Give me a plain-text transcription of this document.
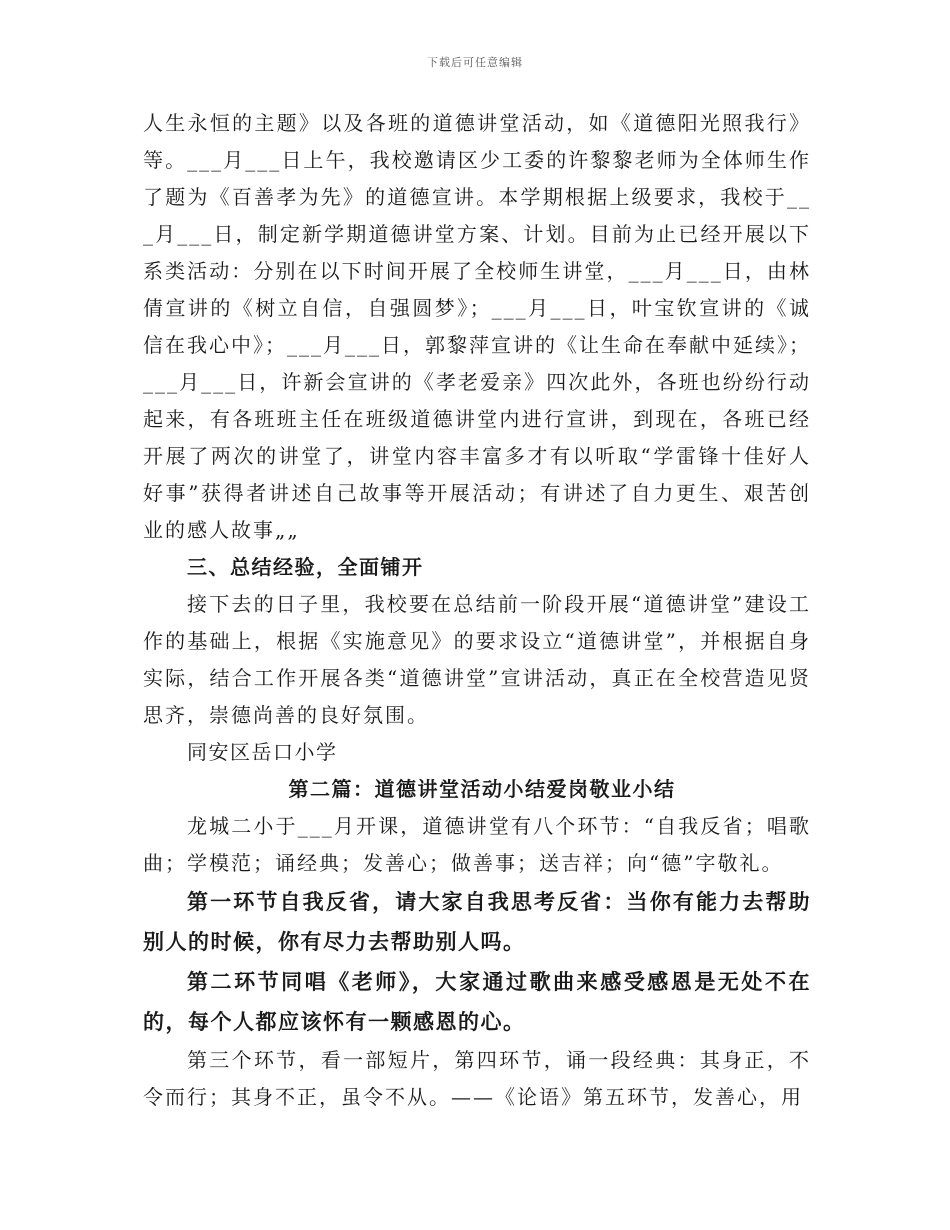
下载后可任意编辑

人生永恒的主题》以及各班的道德讲堂活动，如《道德阳光照我行》等。___月___日上午，我校邀请区少工委的许黎黎老师为全体师生作了题为《百善孝为先》的道德宣讲。本学期根据上级要求，我校于___月___日，制定新学期道德讲堂方案、计划。目前为止已经开展以下系类活动：分别在以下时间开展了全校师生讲堂，___月___日，由林倩宣讲的《树立自信，自强圆梦》；___月___日，叶宝钦宣讲的《诚信在我心中》；___月___日，郭黎萍宣讲的《让生命在奉献中延续》；___月___日，许新会宣讲的《孝老爱亲》四次此外，各班也纷纷行动起来，有各班班主任在班级道德讲堂内进行宣讲，到现在，各班已经开展了两次的讲堂了，讲堂内容丰富多才有以听取“学雷锋十佳好人好事”获得者讲述自己故事等开展活动；有讲述了自力更生、艰苦创业的感人故事„„

三、总结经验，全面铺开

接下去的日子里，我校要在总结前一阶段开展“道德讲堂”建设工作的基础上，根据《实施意见》的要求设立“道德讲堂”，并根据自身实际，结合工作开展各类“道德讲堂”宣讲活动，真正在全校营造见贤思齐，崇德尚善的良好氛围。

同安区岳口小学

第二篇：道德讲堂活动小结爱岗敬业小结

龙城二小于___月开课，道德讲堂有八个环节：“自我反省；唱歌曲；学模范；诵经典；发善心；做善事；送吉祥；向“德”字敬礼。

第一环节自我反省，请大家自我思考反省：当你有能力去帮助别人的时候，你有尽力去帮助别人吗。

第二环节同唱《老师》，大家通过歌曲来感受感恩是无处不在的，每个人都应该怀有一颗感恩的心。

第三个环节，看一部短片，第四环节，诵一段经典：其身正，不令而行；其身不正，虽令不从。——《论语》第五环节，发善心，用
